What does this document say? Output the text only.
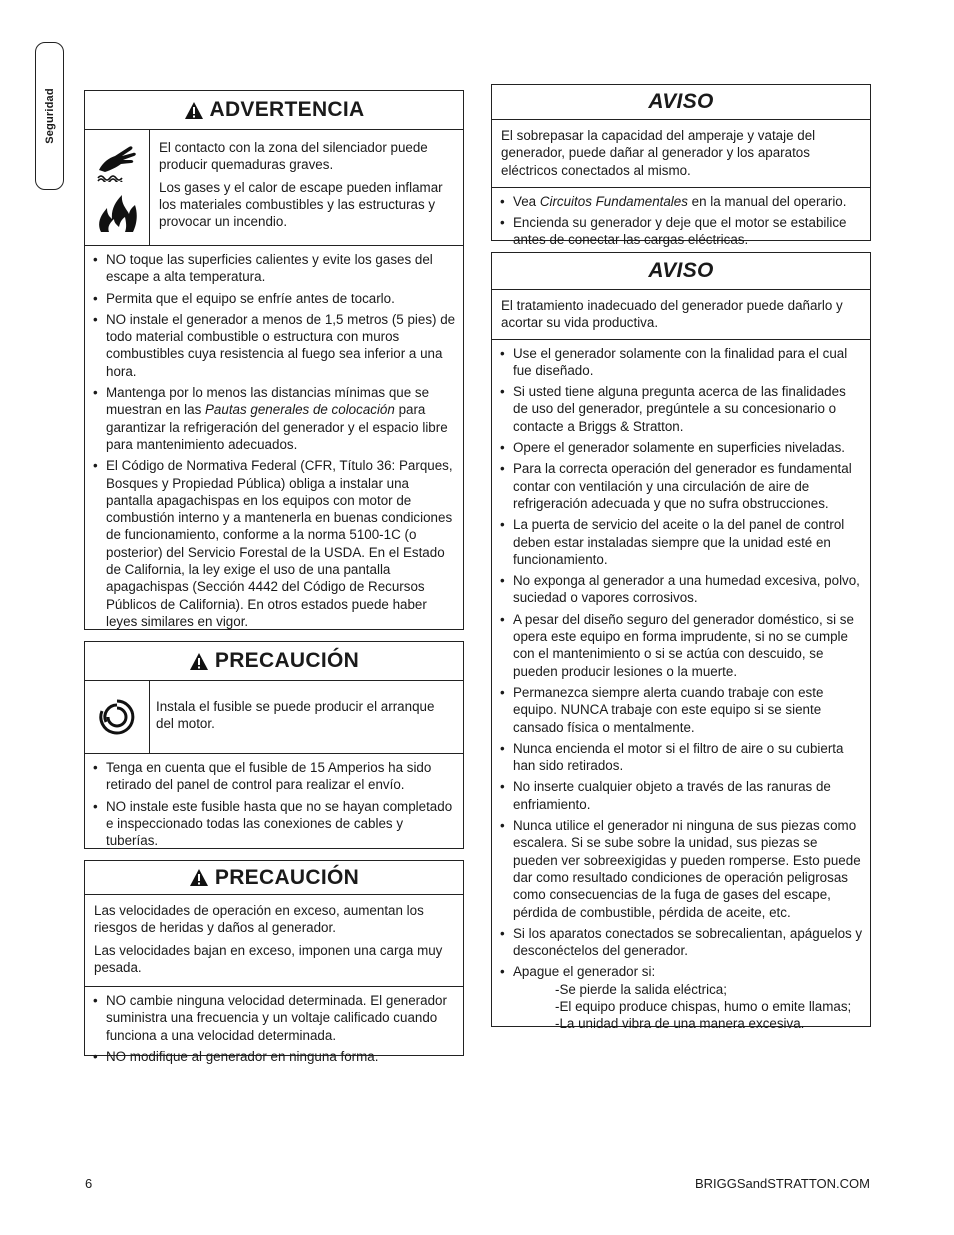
Seguridad	ADVERTENCIA

El contacto con la zona del silenciador puede producir quemaduras graves.

Los gases y el calor de escape pueden inflamar los materiales combustibles y las estructuras y provocar un incendio.

• NO toque las superficies calientes y evite los gases del escape a alta temperatura.
• Permita que el equipo se enfríe antes de tocarlo.
• NO instale el generador a menos de 1,5 metros (5 pies) de todo material combustible o estructura con muros combustibles cuya resistencia al fuego sea inferior a una hora.
• Mantenga por lo menos las distancias mínimas que se muestran en las Pautas generales de colocación para garantizar la refrigeración del generador y el espacio libre para mantenimiento adecuados.
• El Código de Normativa Federal (CFR, Título 36: Parques, Bosques y Propiedad Pública) obliga a instalar una pantalla apagachispas en los equipos con motor de combustión interno y a mantenerla en buenas condiciones de funcionamiento, conforme a la norma 5100-1C (o posterior) del Servicio Forestal de la USDA. En el Estado de California, la ley exige el uso de una pantalla apagachispas (Sección 4442 del Código de Recursos Públicos de California). En otros estados puede haber leyes similares en vigor.
PRECAUCIÓN

Instala el fusible se puede producir el arranque del motor.

• Tenga en cuenta que el fusible de 15 Amperios ha sido retirado del panel de control para realizar el envío.
• NO instale este fusible hasta que no se hayan completado e inspeccionado todas las conexiones de cables y tuberías.
PRECAUCIÓN

Las velocidades de operación en exceso, aumentan los riesgos de heridas y daños al generador.

Las velocidades bajan en exceso, imponen una carga muy pesada.

• NO cambie ninguna velocidad determinada. El generador suministra una frecuencia y un voltaje calificado cuando funciona a una velocidad determinada.
• NO modifique al generador en ninguna forma.
AVISO

El sobrepasar la capacidad del amperaje y vataje del generador, puede dañar al generador y los aparatos eléctricos conectados al mismo.

• Vea Circuitos Fundamentales en la manual del operario.
• Encienda su generador y deje que el motor se estabilice antes de conectar las cargas eléctricas.
AVISO

El tratamiento inadecuado del generador puede dañarlo y acortar su vida productiva.

• Use el generador solamente con la finalidad para el cual fue diseñado.
• Si usted tiene alguna pregunta acerca de las finalidades de uso del generador, pregúntele a su concesionario o contacte a Briggs & Stratton.
• Opere el generador solamente en superficies niveladas.
• Para la correcta operación del generador es fundamental contar con ventilación y una circulación de aire de refrigeración adecuada y que no sufra obstrucciones.
• La puerta de servicio del aceite o la del panel de control deben estar instaladas siempre que la unidad esté en funcionamiento.
• No exponga al generador a una humedad excesiva, polvo, suciedad o vapores corrosivos.
• A pesar del diseño seguro del generador doméstico, si se opera este equipo en forma imprudente, si no se cumple con el mantenimiento o si se actúa con descuido, se pueden producir lesiones o la muerte.
• Permanezca siempre alerta cuando trabaje con este equipo. NUNCA trabaje con este equipo si se siente cansado física o mentalmente.
• Nunca encienda el motor si el filtro de aire o su cubierta han sido retirados.
• No inserte cualquier objeto a través de las ranuras de enfriamiento.
• Nunca utilice el generador ni ninguna de sus piezas como escalera. Si se sube sobre la unidad, sus piezas se pueden ver sobreexigidas y pueden romperse. Esto puede dar como resultado condiciones de operación peligrosas como consecuencias de la fuga de gases del escape, pérdida de combustible, pérdida de aceite, etc.
• Si los aparatos conectados se sobrecalientan, apáguelos y desconéctelos del generador.
• Apague el generador si:
-Se pierde la salida eléctrica;
-El equipo produce chispas, humo o emite llamas;
-La unidad vibra de una manera excesiva.
6	BRIGGSandSTRATTON.COM
